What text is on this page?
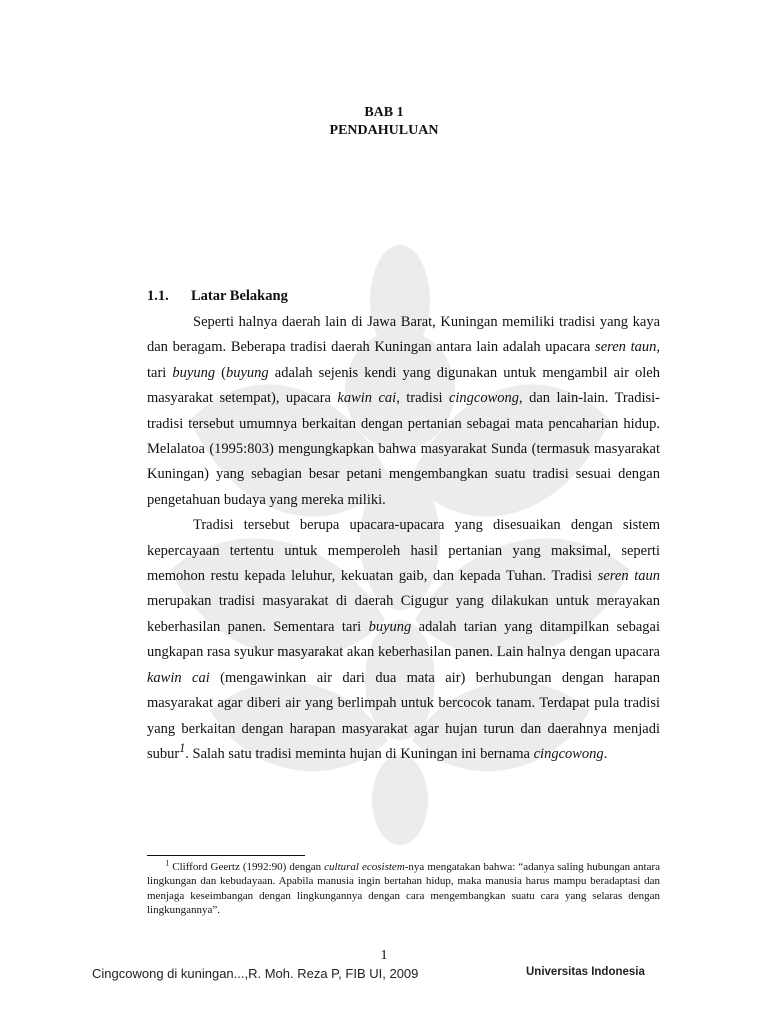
BAB 1
PENDAHULUAN
1.1. Latar Belakang

Seperti halnya daerah lain di Jawa Barat, Kuningan memiliki tradisi yang kaya dan beragam. Beberapa tradisi daerah Kuningan antara lain adalah upacara seren taun, tari buyung (buyung adalah sejenis kendi yang digunakan untuk mengambil air oleh masyarakat setempat), upacara kawin cai, tradisi cingcowong, dan lain-lain. Tradisi-tradisi tersebut umumnya berkaitan dengan pertanian sebagai mata pencaharian hidup. Melalatoa (1995:803) mengungkapkan bahwa masyarakat Sunda (termasuk masyarakat Kuningan) yang sebagian besar petani mengembangkan suatu tradisi sesuai dengan pengetahuan budaya yang mereka miliki.

Tradisi tersebut berupa upacara-upacara yang disesuaikan dengan sistem kepercayaan tertentu untuk memperoleh hasil pertanian yang maksimal, seperti memohon restu kepada leluhur, kekuatan gaib, dan kepada Tuhan. Tradisi seren taun merupakan tradisi masyarakat di daerah Cigugur yang dilakukan untuk merayakan keberhasilan panen. Sementara tari buyung adalah tarian yang ditampilkan sebagai ungkapan rasa syukur masyarakat akan keberhasilan panen. Lain halnya dengan upacara kawin cai (mengawinkan air dari dua mata air) berhubungan dengan harapan masyarakat agar diberi air yang berlimpah untuk bercocok tanam. Terdapat pula tradisi yang berkaitan dengan harapan masyarakat agar hujan turun dan daerahnya menjadi subur$^1$. Salah satu tradisi meminta hujan di Kuningan ini bernama cingcowong.

$^1$ Clifford Geertz (1992:90) dengan cultural ecosistem-nya mengatakan bahwa: “adanya saling hubungan antara lingkungan dan kebudayaan. Apabila manusia ingin bertahan hidup, maka manusia harus mampu beradaptasi dan menjaga keseimbangan dengan lingkungannya dengan cara mengembangkan suatu cara yang selaras dengan lingkungannya”.
1
Cingcowong di kuningan...,R. Moh. Reza P, FIB UI, 2009	Universitas Indonesia
